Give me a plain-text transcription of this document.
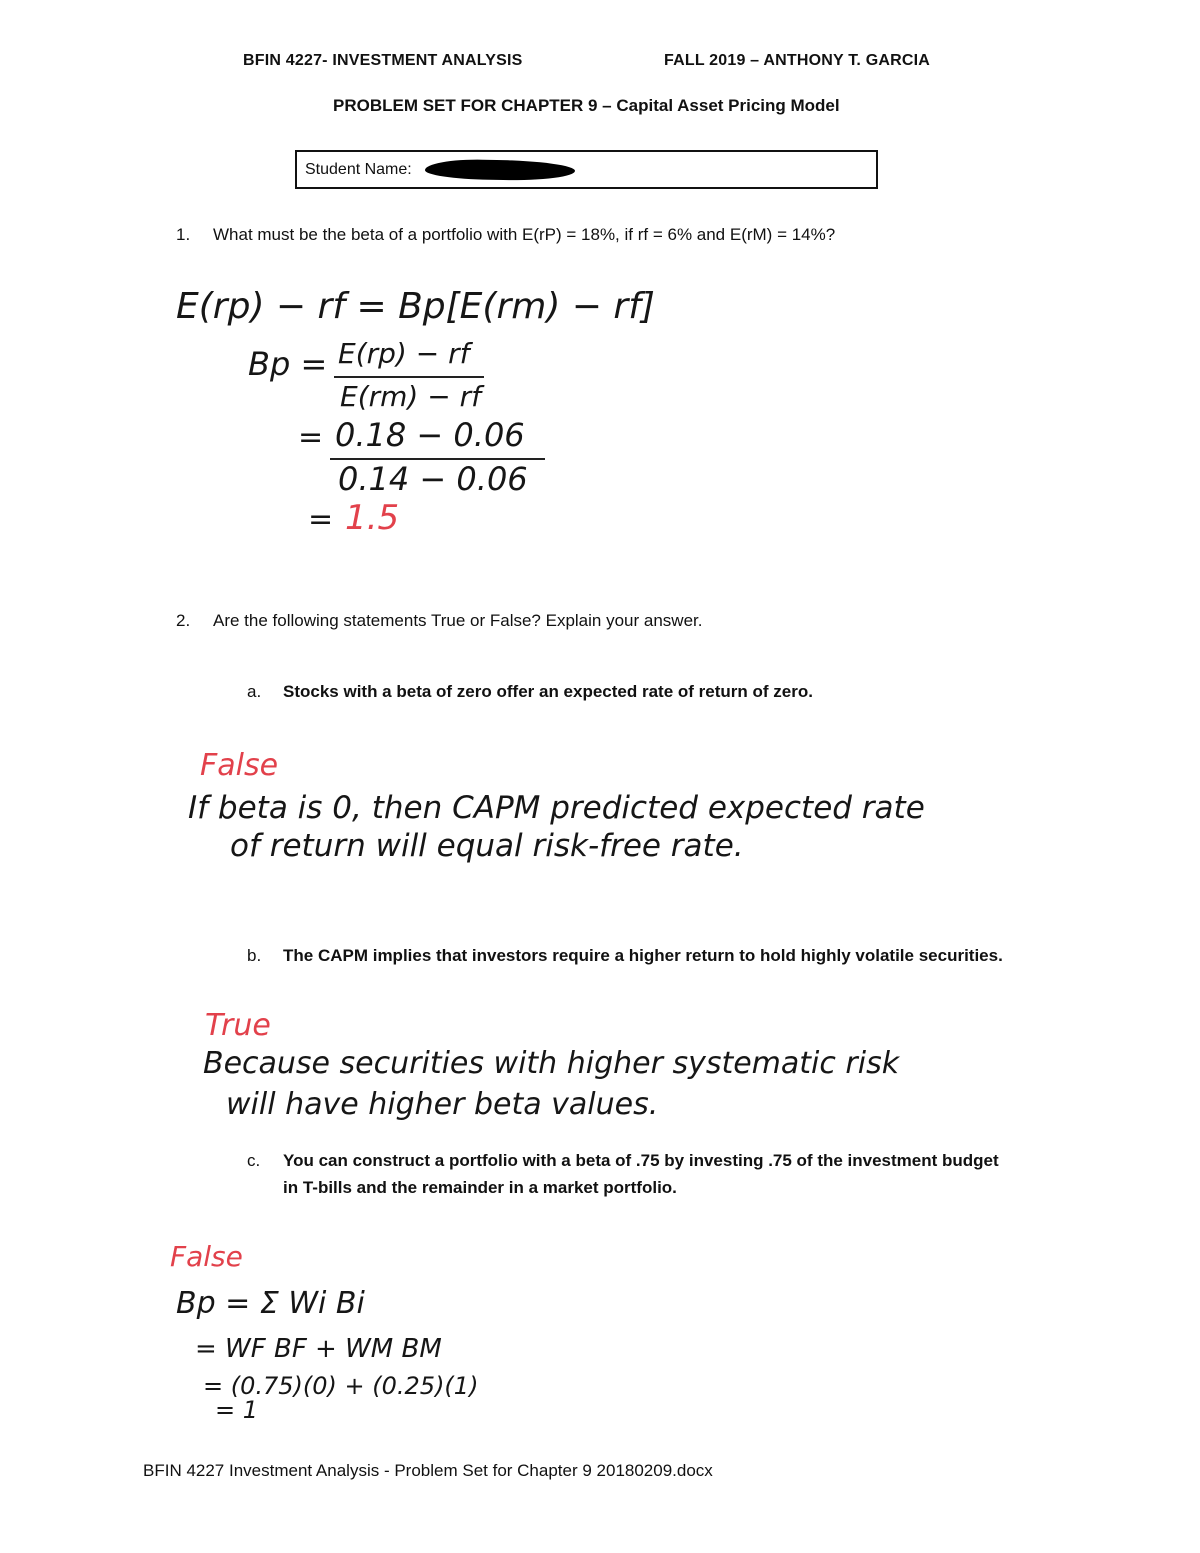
BFIN 4227- INVESTMENT ANALYSIS	FALL 2019 – ANTHONY T. GARCIA
PROBLEM SET FOR CHAPTER 9 – Capital Asset Pricing Model
Student Name:
1. What must be the beta of a portfolio with E(rP) = 18%, if rf = 6% and E(rM) = 14%?
E(rp) − rf = Bp[E(rm) − rf]
Bp = E(rp) − rf
E(rm) − rf
= 0.18 − 0.06
0.14 − 0.06
= 1.5
2. Are the following statements True or False? Explain your answer.
a. Stocks with a beta of zero offer an expected rate of return of zero.
False
If beta is 0, then CAPM predicted expected rate
of return will equal risk-free rate.
b. The CAPM implies that investors require a higher return to hold highly volatile securities.
True
Because securities with higher systematic risk
will have higher beta values.
c. You can construct a portfolio with a beta of .75 by investing .75 of the investment budget
in T-bills and the remainder in a market portfolio.
False
Bp = Σ Wi Bi
= WF BF + WM BM
= (0.75)(0) + (0.25)(1)
= 1
BFIN 4227 Investment Analysis - Problem Set for Chapter 9 20180209.docx
